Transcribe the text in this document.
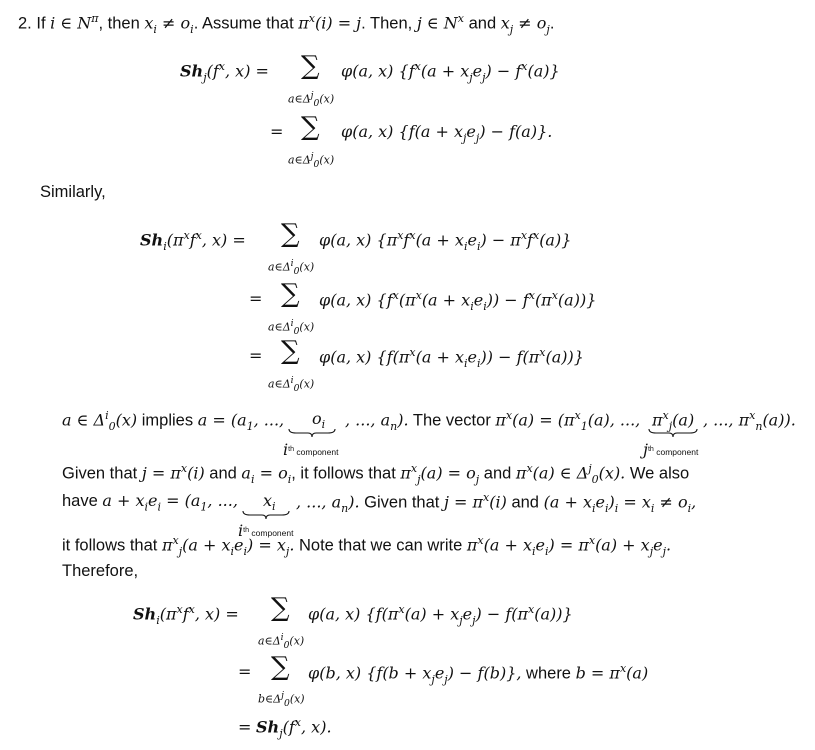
2. If i ∈ $N^\pi$, then $x_i \ne o_i$. Assume that $\pi^x(i) = j$. Then, j ∈ $N^x$ and $x_j \ne o_j$.
$Sh_j(f^x$, x) = ∑ φ(a, x) $\{f^x(a + x_je_j) - f^x(a)\}$
$a\in\Delta^j_0(x)$
= ∑ φ(a, x) $\{f(a + x_je_j) - f(a)\}$.
$a\in\Delta^j_0(x)$
Similarly,
$Sh_i(\pi^xf^x$, x) = ∑ φ(a, x) $\{\pi^xf^x(a + x_ie_i) - \pi^xf^x(a)\}$
$a\in\Delta^i_0(x)$
= ∑ φ(a, x) $\{f^x(\pi^x(a + x_ie_i)) - f^x(\pi^x(a))\}$
$a\in\Delta^i_0(x)$
= ∑ φ(a, x) $\{f(\pi^x(a + x_ie_i)) - f(\pi^x(a))\}$
$a\in\Delta^i_0(x)$
a ∈ $\Delta^i_0(x)$ implies $a = (a_1$, ..., $o_i$
$i^{th}$ component
, ..., $a_n$). The vector $\pi^x(a) = (\pi^x_1(a)$, ..., $\pi^x_j(a)$
$j^{th}$ component
, ..., $\pi^x_n(a)$).
Given that $j = \pi^x(i)$ and $a_i = o_i$, it follows that $\pi^x_j(a) = o_j$ and $\pi^x(a)$ ∈ $\Delta^j_0(x)$. We also
have $a + x_ie_i = (a_1$, ..., $x_i$
$i^{th}$ component
, ..., $a_n$). Given that $j = \pi^x(i)$ and $(a + x_ie_i)_i = x_i \ne o_i$,
it follows that $\pi^x_j(a + x_ie_i) = x_j$. Note that we can write $\pi^x(a + x_ie_i) = \pi^x(a) + x_je_j$.
Therefore,
$Sh_i(\pi^xf^x$, x) = ∑ φ(a, x) $\{f(\pi^x(a) + x_je_j) - f(\pi^x(a))\}$
$a\in\Delta^i_0(x)$
= ∑ φ(b, x) $\{f(b + x_je_j) - f(b)\}$, where $b = \pi^x(a)$
$b\in\Delta^j_0(x)$
= $Sh_j(f^x$, x).
